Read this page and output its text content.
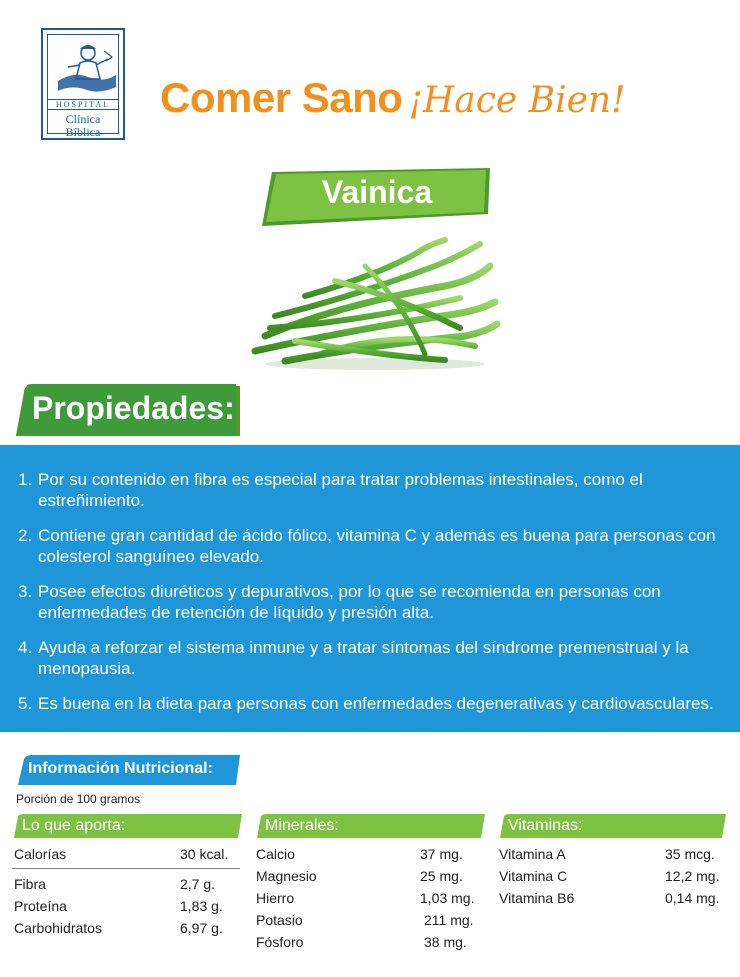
HOSPITAL
Clínica Bíblica
Comer Sano ¡Hace Bien!
Vainica
Propiedades:
1. Por su contenido en fibra es especial para tratar problemas intestinales, como el estreñimiento.
2. Contiene gran cantidad de ácido fólico, vitamina C y además es buena para personas con colesterol sanguíneo elevado.
3. Posee efectos diuréticos y depurativos, por lo que se recomienda en personas con enfermedades de retención de líquido y presión alta.
4. Ayuda a reforzar el sistema inmune y a tratar síntomas del síndrome premenstrual y la menopausia.
5. Es buena en la dieta para personas con enfermedades degenerativas y cardiovasculares.
Información Nutricional:
Porción de 100 gramos
Lo que aporta:	Minerales:	Vitaminas:
Calorías	30 kcal.
Fibra	2,7 g.
Proteína	1,83 g.
Carbohidratos	6,97 g.
Calcio	37 mg.
Magnesio	25 mg.
Hierro	1,03 mg.
Potasio	211 mg.
Fósforo	38 mg.
Vitamina A	35 mcg.
Vitamina C	12,2 mg.
Vitamina B6	0,14 mg.
